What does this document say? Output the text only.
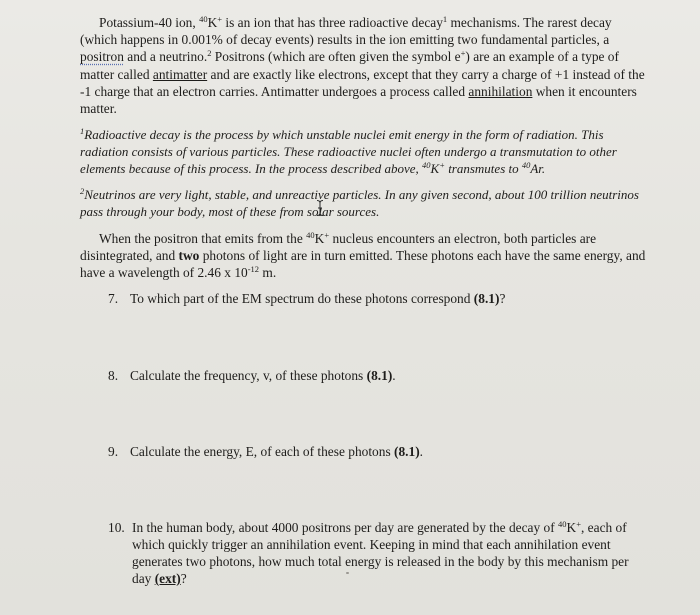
Potassium-40 ion, $^{40}$K+ is an ion that has three radioactive decay$^1$ mechanisms. The rarest decay (which happens in 0.001% of decay events) results in the ion emitting two fundamental particles, a positron and a neutrino.$^2$ Positrons (which are often given the symbol e+) are an example of a type of matter called antimatter and are exactly like electrons, except that they carry a charge of +1 instead of the -1 charge that an electron carries. Antimatter undergoes a process called annihilation when it encounters matter.

$^1$Radioactive decay is the process by which unstable nuclei emit energy in the form of radiation. This radiation consists of various particles. These radioactive nuclei often undergo a transmutation to other elements because of this process. In the process described above, $^{40}$K+ transmutes to $^{40}$Ar.

$^2$Neutrinos are very light, stable, and unreactive particles. In any given second, about 100 trillion neutrinos pass through your body, most of these from solar sources.

When the positron that emits from the $^{40}$K+ nucleus encounters an electron, both particles are disintegrated, and two photons of light are in turn emitted. These photons each have the same energy, and have a wavelength of 2.46 x $10^{-12}$ m.

7. To which part of the EM spectrum do these photons correspond (8.1)?
8. Calculate the frequency, v, of these photons (8.1).
9. Calculate the energy, E, of each of these photons (8.1).
10. In the human body, about 4000 positrons per day are generated by the decay of $^{40}$K+, each of which quickly trigger an annihilation event. Keeping in mind that each annihilation event generates two photons, how much total energy is released in the body by this mechanism per day (ext)?
